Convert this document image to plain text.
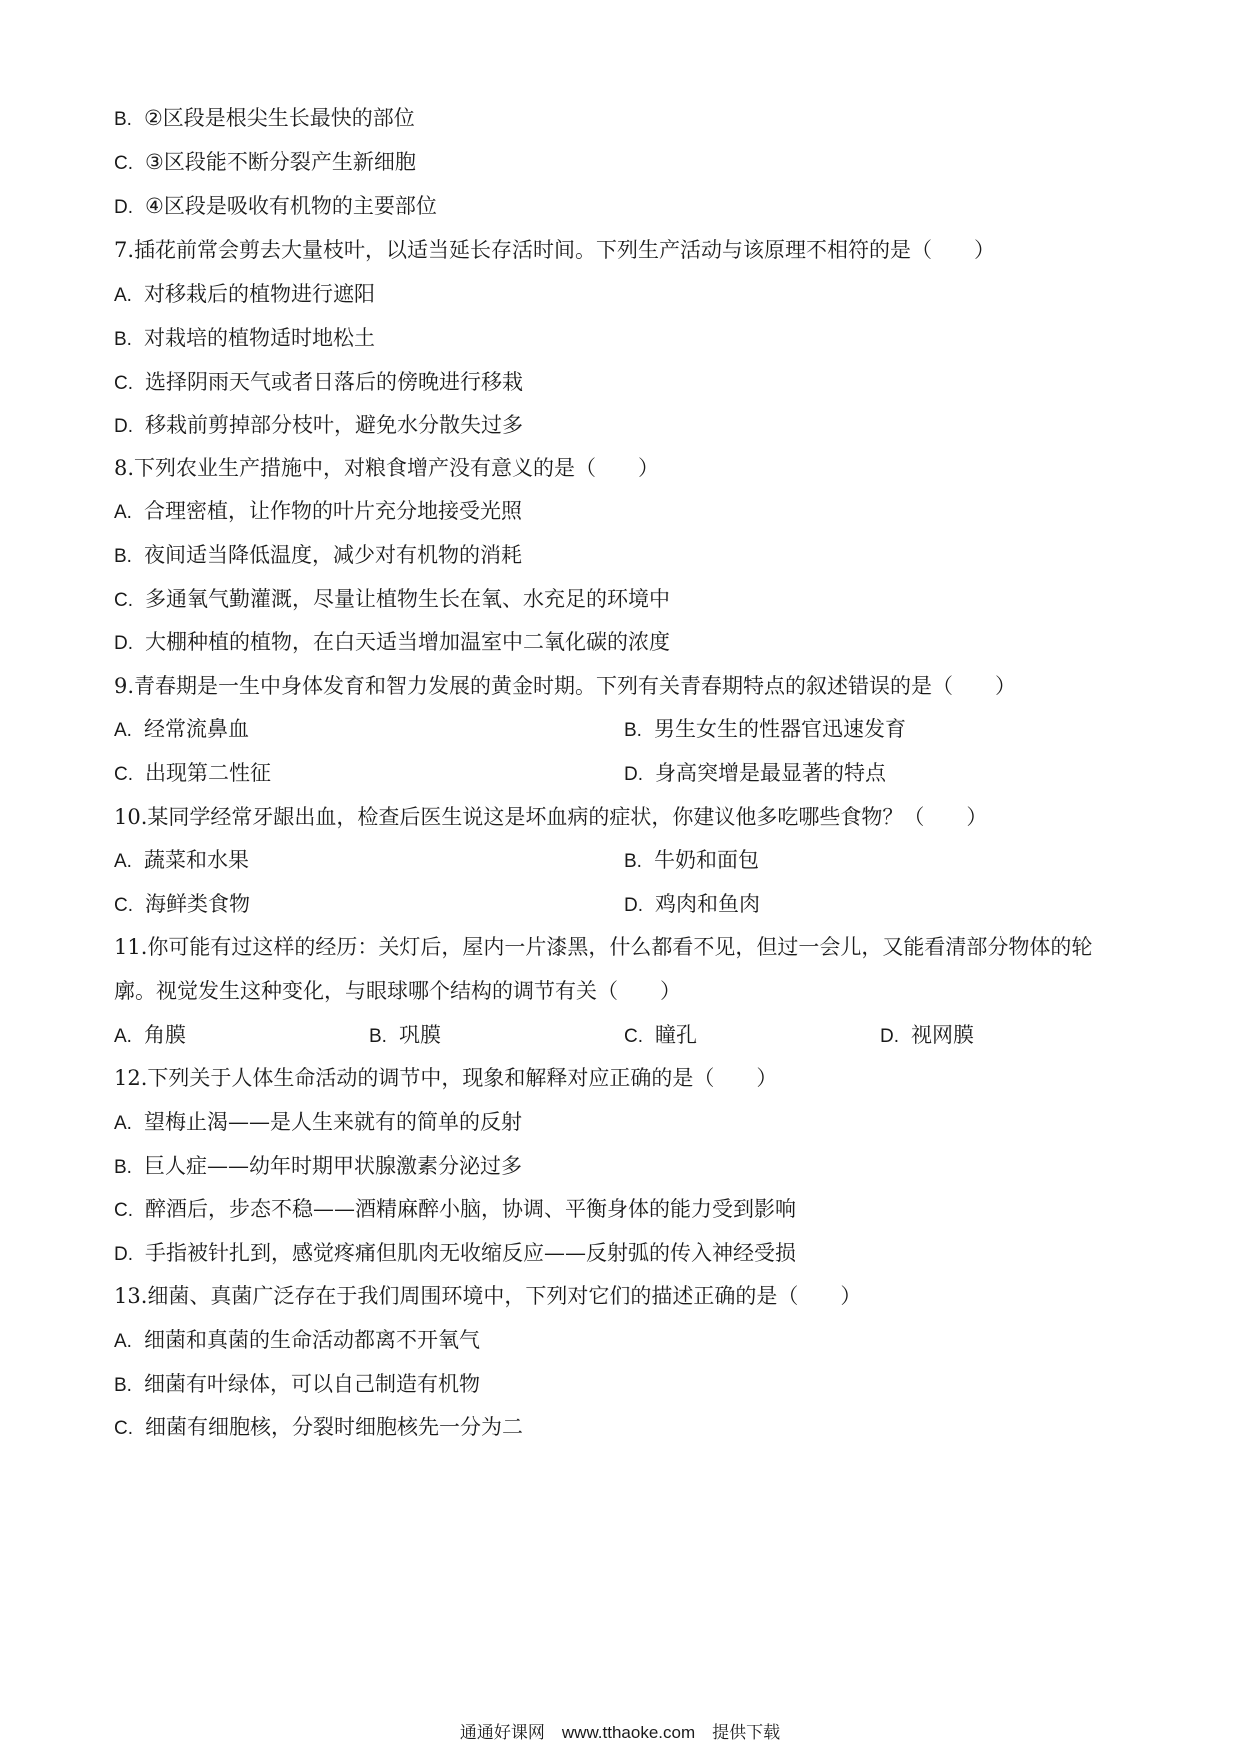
B. ②区段是根尖生长最快的部位
C. ③区段能不断分裂产生新细胞
D. ④区段是吸收有机物的主要部位
7.插花前常会剪去大量枝叶，以适当延长存活时间。下列生产活动与该原理不相符的是（　　）
A. 对移栽后的植物进行遮阳
B. 对栽培的植物适时地松土
C. 选择阴雨天气或者日落后的傍晚进行移栽
D. 移栽前剪掉部分枝叶，避免水分散失过多
8.下列农业生产措施中，对粮食增产没有意义的是（　　）
A. 合理密植，让作物的叶片充分地接受光照
B. 夜间适当降低温度，减少对有机物的消耗
C. 多通氧气勤灌溉，尽量让植物生长在氧、水充足的环境中
D. 大棚种植的植物，在白天适当增加温室中二氧化碳的浓度
9.青春期是一生中身体发育和智力发展的黄金时期。下列有关青春期特点的叙述错误的是（　　）
A. 经常流鼻血	B. 男生女生的性器官迅速发育
C. 出现第二性征	D. 身高突增是最显著的特点
10.某同学经常牙龈出血，检查后医生说这是坏血病的症状，你建议他多吃哪些食物？（　　）
A. 蔬菜和水果	B. 牛奶和面包
C. 海鲜类食物	D. 鸡肉和鱼肉
11.你可能有过这样的经历：关灯后，屋内一片漆黑，什么都看不见，但过一会儿，又能看清部分物体的轮
廓。视觉发生这种变化，与眼球哪个结构的调节有关（　　）
A. 角膜	B. 巩膜	C. 瞳孔	D. 视网膜
12.下列关于人体生命活动的调节中，现象和解释对应正确的是（　　）
A. 望梅止渴——是人生来就有的简单的反射
B. 巨人症——幼年时期甲状腺激素分泌过多
C. 醉酒后，步态不稳——酒精麻醉小脑，协调、平衡身体的能力受到影响
D. 手指被针扎到，感觉疼痛但肌肉无收缩反应——反射弧的传入神经受损
13.细菌、真菌广泛存在于我们周围环境中，下列对它们的描述正确的是（　　）
A. 细菌和真菌的生命活动都离不开氧气
B. 细菌有叶绿体，可以自己制造有机物
C. 细菌有细胞核，分裂时细胞核先一分为二
通通好课网　www.tthaoke.com　提供下载
